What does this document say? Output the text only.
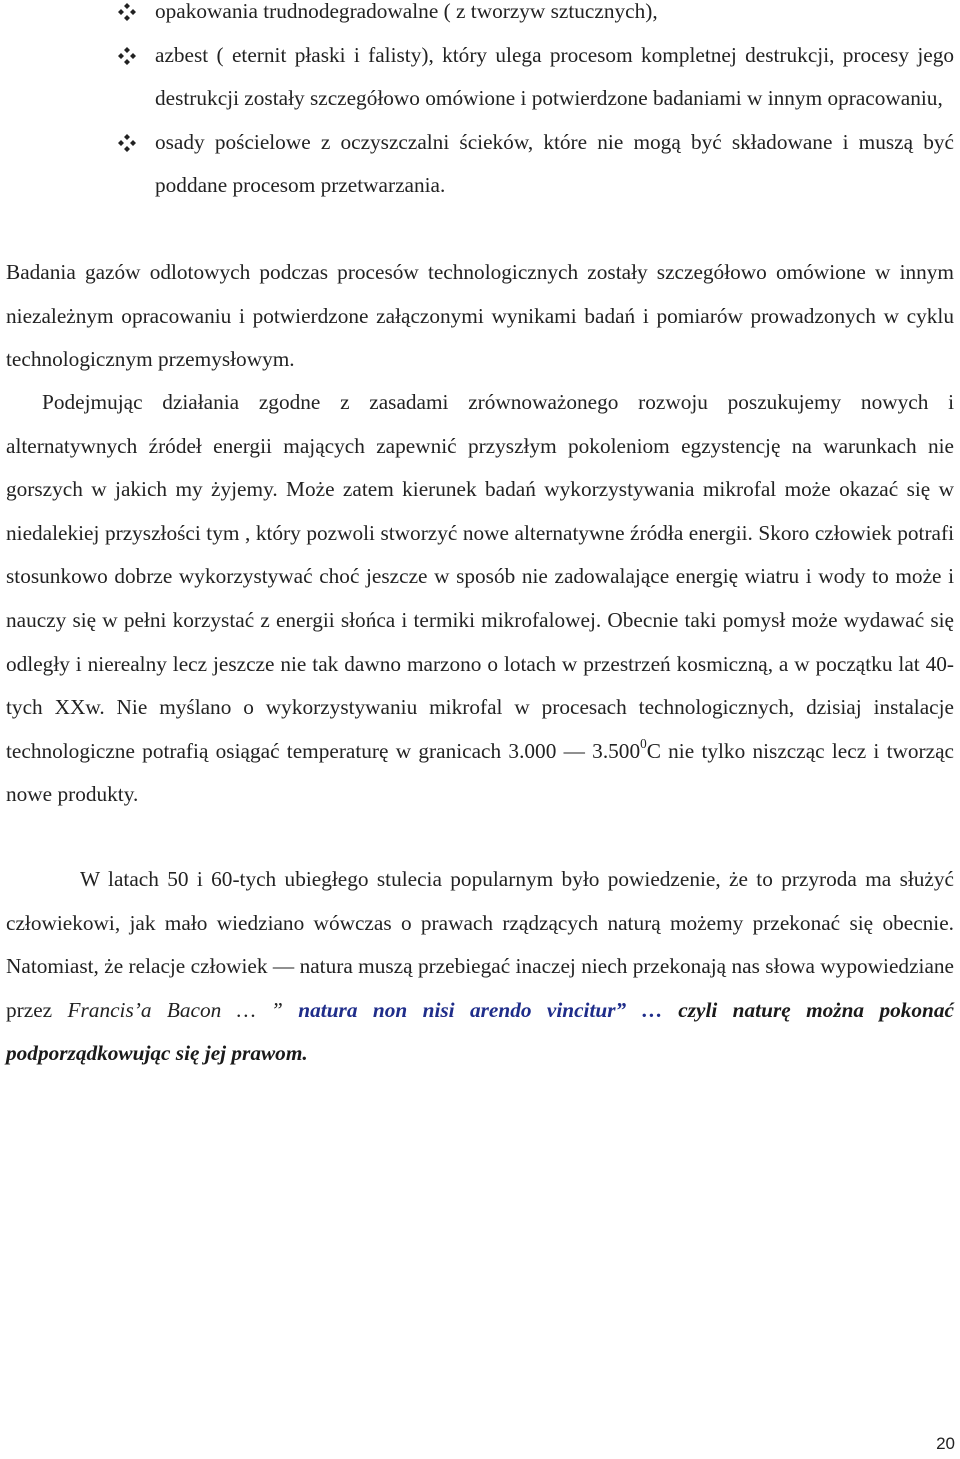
opakowania trudnodegradowalne ( z tworzyw sztucznych),
azbest ( eternit płaski i falisty), który ulega procesom kompletnej destrukcji, procesy jego destrukcji zostały szczegółowo omówione i potwierdzone badaniami w innym opracowaniu,
osady pościelowe z oczyszczalni ścieków, które nie mogą być składowane i muszą być poddane procesom przetwarzania.

Badania gazów odlotowych podczas procesów technologicznych zostały szczegółowo omówione w innym niezależnym opracowaniu i potwierdzone załączonymi wynikami badań i pomiarów prowadzonych w cyklu technologicznym przemysłowym.

Podejmując działania zgodne z zasadami zrównoważonego rozwoju poszukujemy nowych i alternatywnych źródeł energii mających zapewnić przyszłym pokoleniom egzystencję na warunkach nie gorszych w jakich my żyjemy. Może zatem kierunek badań wykorzystywania mikrofal może okazać się w niedalekiej przyszłości tym , który pozwoli stworzyć nowe alternatywne źródła energii. Skoro człowiek potrafi stosunkowo dobrze wykorzystywać choć jeszcze w sposób nie zadowalające energię wiatru i wody to może i nauczy się w pełni korzystać z energii słońca i termiki mikrofalowej. Obecnie taki pomysł może wydawać się odległy i nierealny lecz jeszcze nie tak dawno marzono o lotach w przestrzeń kosmiczną, a w początku lat 40-tych XXw. Nie myślano o wykorzystywaniu mikrofal w procesach technologicznych, dzisiaj instalacje technologiczne potrafią osiągać temperaturę w granicach 3.000 — 3.500$^0$C nie tylko niszcząc lecz i tworząc nowe produkty.

W latach 50 i 60-tych ubiegłego stulecia popularnym było powiedzenie, że to przyroda ma służyć człowiekowi, jak mało wiedziano wówczas o prawach rządzących naturą możemy przekonać się obecnie. Natomiast, że relacje człowiek — natura muszą przebiegać inaczej niech przekonają nas słowa wypowiedziane przez Francis’a Bacon … ” natura non nisi arendo vincitur” … czyli naturę można pokonać podporządkowując się jej prawom.

20
